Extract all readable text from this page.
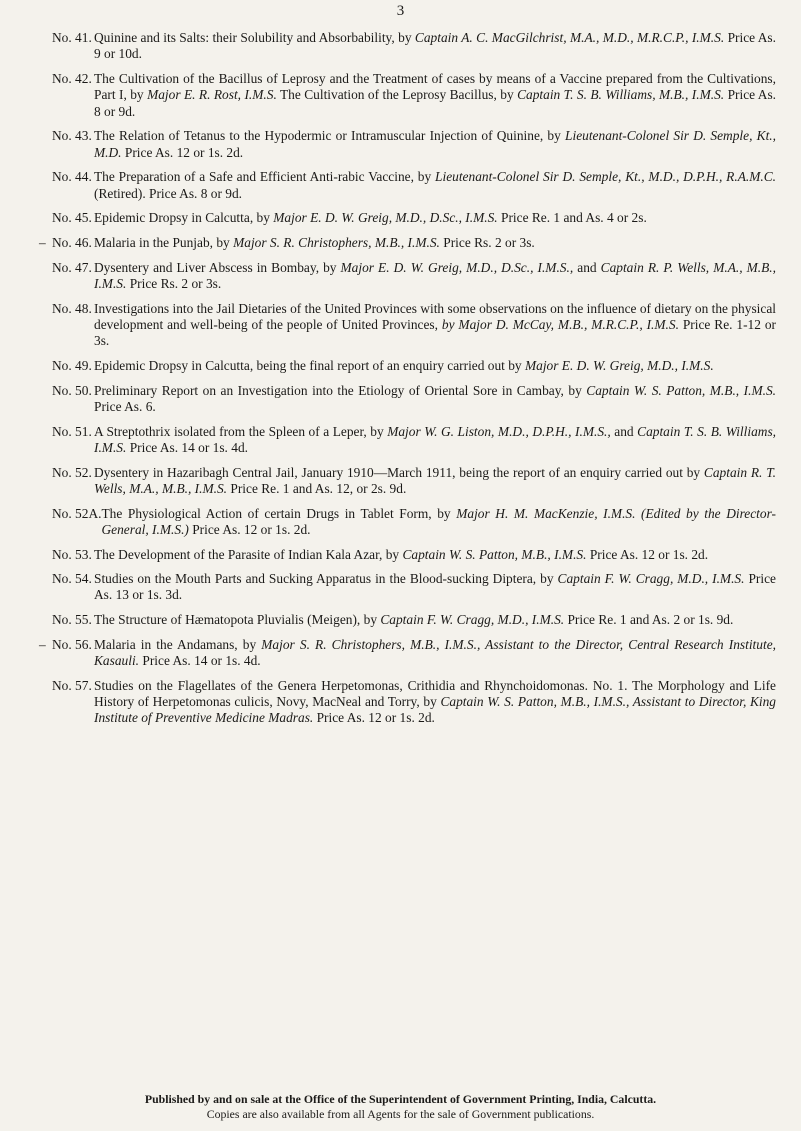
3
No. 41. Quinine and its Salts: their Solubility and Absorbability, by Captain A. C. MacGilchrist, M.A., M.D., M.R.C.P., I.M.S. Price As. 9 or 10d.
No. 42. The Cultivation of the Bacillus of Leprosy and the Treatment of cases by means of a Vaccine prepared from the Cultivations, Part I, by Major E. R. Rost, I.M.S. The Cultivation of the Leprosy Bacillus, by Captain T. S. B. Williams, M.B., I.M.S. Price As. 8 or 9d.
No. 43. The Relation of Tetanus to the Hypodermic or Intramuscular Injection of Quinine, by Lieutenant-Colonel Sir D. Semple, Kt., M.D. Price As. 12 or 1s. 2d.
No. 44. The Preparation of a Safe and Efficient Anti-rabic Vaccine, by Lieutenant-Colonel Sir D. Semple, Kt., M.D., D.P.H., R.A.M.C. (Retired). Price As. 8 or 9d.
No. 45. Epidemic Dropsy in Calcutta, by Major E. D. W. Greig, M.D., D.Sc., I.M.S. Price Re. 1 and As. 4 or 2s.
No. 46.
–	Malaria in the Punjab, by Major S. R. Christophers, M.B., I.M.S. Price Rs. 2 or 3s.
No. 47. Dysentery and Liver Abscess in Bombay, by Major E. D. W. Greig, M.D., D.Sc., I.M.S., and Captain R. P. Wells, M.A., M.B., I.M.S. Price Rs. 2 or 3s.
No. 48. Investigations into the Jail Dietaries of the United Provinces with some observations on the influence of dietary on the physical development and well-being of the people of United Provinces, by Major D. McCay, M.B., M.R.C.P., I.M.S. Price Re. 1-12 or 3s.
No. 49. Epidemic Dropsy in Calcutta, being the final report of an enquiry carried out by Major E. D. W. Greig, M.D., I.M.S.
No. 50. Preliminary Report on an Investigation into the Etiology of Oriental Sore in Cambay, by Captain W. S. Patton, M.B., I.M.S. Price As. 6.
No. 51. A Streptothrix isolated from the Spleen of a Leper, by Major W. G. Liston, M.D., D.P.H., I.M.S., and Captain T. S. B. Williams, I.M.S. Price As. 14 or 1s. 4d.
No. 52. Dysentery in Hazaribagh Central Jail, January 1910—March 1911, being the report of an enquiry carried out by Captain R. T. Wells, M.A., M.B., I.M.S. Price Re. 1 and As. 12, or 2s. 9d.
No. 52A. The Physiological Action of certain Drugs in Tablet Form, by Major H. M. MacKenzie, I.M.S. (Edited by the Director-General, I.M.S.) Price As. 12 or 1s. 2d.
No. 53. The Development of the Parasite of Indian Kala Azar, by Captain W. S. Patton, M.B., I.M.S. Price As. 12 or 1s. 2d.
No. 54. Studies on the Mouth Parts and Sucking Apparatus in the Blood-sucking Diptera, by Captain F. W. Cragg, M.D., I.M.S. Price As. 13 or 1s. 3d.
No. 55. The Structure of Hæmatopota Pluvialis (Meigen), by Captain F. W. Cragg, M.D., I.M.S. Price Re. 1 and As. 2 or 1s. 9d.
No. 56.
–	Malaria in the Andamans, by Major S. R. Christophers, M.B., I.M.S., Assistant to the Director, Central Research Institute, Kasauli. Price As. 14 or 1s. 4d.
No. 57. Studies on the Flagellates of the Genera Herpetomonas, Crithidia and Rhynchoidomonas. No. 1. The Morphology and Life History of Herpetomonas culicis, Novy, MacNeal and Torry, by Captain W. S. Patton, M.B., I.M.S., Assistant to Director, King Institute of Preventive Medicine Madras. Price As. 12 or 1s. 2d.
Published by and on sale at the Office of the Superintendent of Government Printing, India, Calcutta.
Copies are also available from all Agents for the sale of Government publications.
